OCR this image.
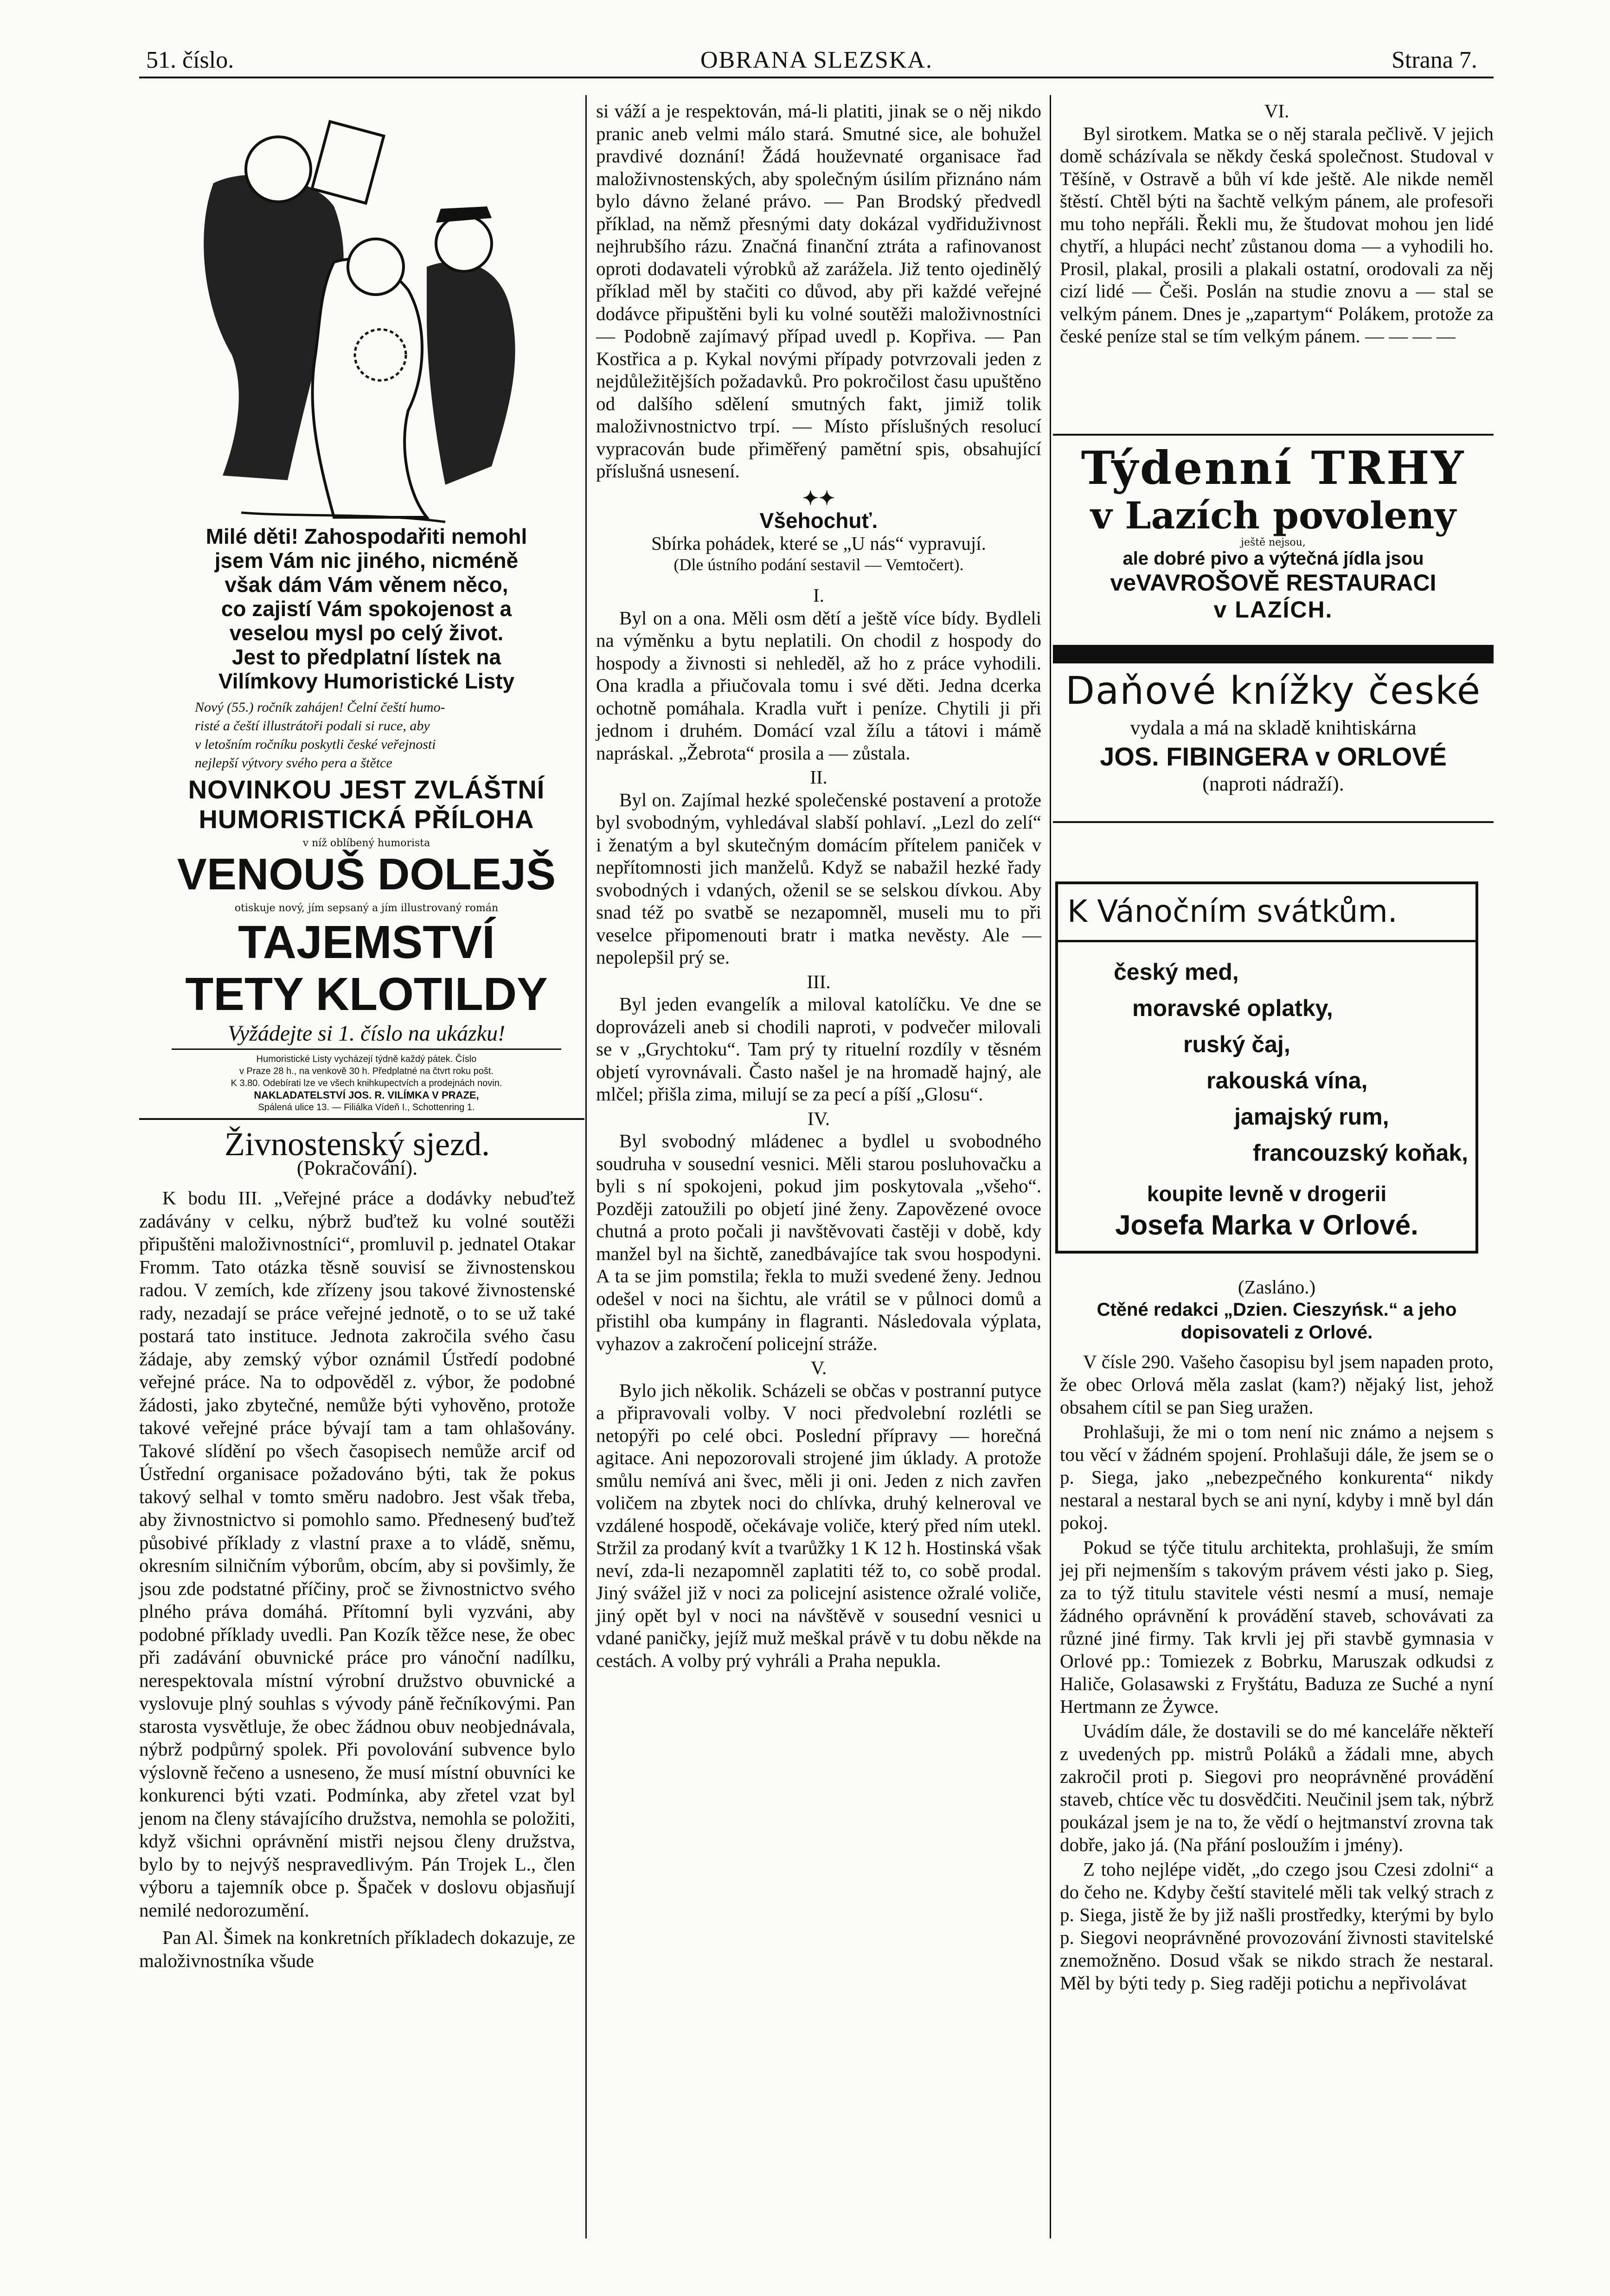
51. číslo.	OBRANA SLEZSKA.	Strana 7.
Milé děti! Zahospodařiti nemohl
jsem Vám nic jiného, nicméně
však dám Vám věnem něco,
co zajistí Vám spokojenost a
veselou mysl po celý život.
Jest to předplatní lístek na
Vilímkovy Humoristické Listy
Nový (55.) ročník zahájen! Čelní čeští humo-
risté a čeští illustrátoři podali si ruce, aby
v letošním ročníku poskytli české veřejnosti
nejlepší výtvory svého pera a štětce
NOVINKOU JEST ZVLÁŠTNÍ
HUMORISTICKÁ PŘÍLOHA
v níž oblíbený humorista
VENOUŠ DOLEJŠ
otiskuje nový, jím sepsaný a jím illustrovaný román
TAJEMSTVÍ
TETY KLOTILDY
Vyžádejte si 1. číslo na ukázku!
Humoristické Listy vycházejí týdně každý pátek. Číslo
v Praze 28 h., na venkově 30 h. Předplatné na čtvrt roku pošt.
K 3.80. Odebírati lze ve všech knihkupectvích a prodejnách novin.
NAKLADATELSTVÍ JOS. R. VILÍMKA V PRAZE,
Spálená ulice 13. — Filiálka Vídeň I., Schottenring 1.
Živnostenský sjezd.
(Pokračování).

K bodu III. „Veřejné práce a dodávky nebuďtež zadávány v celku, nýbrž buďtež ku volné soutěži připuštěni maloživnostníci“, promluvil p. jednatel Otakar Fromm. Tato otázka těsně souvisí se živnostenskou radou. V zemích, kde zřízeny jsou takové živnostenské rady, nezadají se práce veřejné jednotě, o to se už také postará tato instituce. Jednota zakročila svého času žádaje, aby zemský výbor oznámil Ústředí podobné veřejné práce. Na to odpověděl z. výbor, že podobné žádosti, jako zbytečné, nemůže býti vyhověno, protože takové veřejné práce bývají tam a tam ohlašovány. Takové slídění po všech časopisech nemůže arcif od Ústřední organisace požadováno býti, tak že pokus takový selhal v tomto směru nadobro. Jest však třeba, aby živnostnictvo si pomohlo samo. Přednesený buďtež působivé příklady z vlastní praxe a to vládě, sněmu, okresním silničním výborům, obcím, aby si povšimly, že jsou zde podstatné příčiny, proč se živnostnictvo svého plného práva domáhá. Přítomní byli vyzváni, aby podobné příklady uvedli. Pan Kozík těžce nese, že obec při zadávání obuvnické práce pro vánoční nadílku, nerespektovala místní výrobní družstvo obuvnické a vyslovuje plný souhlas s vývody páně řečníkovými. Pan starosta vysvětluje, že obec žádnou obuv neobjednávala, nýbrž podpůrný spolek. Při povolování subvence bylo výslovně řečeno a usneseno, že musí místní obuvníci ke konkurenci býti vzati. Podmínka, aby zřetel vzat byl jenom na členy stávajícího družstva, nemohla se položiti, když všichni oprávnění mistři nejsou členy družstva, bylo by to nejvýš nespravedlivým. Pán Trojek L., člen výboru a tajemník obce p. Špaček v doslovu objasňují nemilé nedorozumění.

Pan Al. Šimek na konkretních příkladech dokazuje, ze maloživnostníka všude

si váží a je respektován, má-li platiti, jinak se o něj nikdo pranic aneb velmi málo stará. Smutné sice, ale bohužel pravdivé doznání! Žádá houževnaté organisace řad maloživnostenských, aby společným úsilím přiznáno nám bylo dávno želané právo. — Pan Brodský předvedl příklad, na němž přesnými daty dokázal vydřiduživnost nejhrubšího rázu. Značná finanční ztráta a rafinovanost oproti dodavateli výrobků až zarážela. Již tento ojedinělý příklad měl by stačiti co důvod, aby při každé veřejné dodávce připuštěni byli ku volné soutěži maloživnostníci — Podobně zajímavý případ uvedl p. Kopřiva. — Pan Kostřica a p. Kykal novými případy potvrzovali jeden z nejdůležitějších požadavků. Pro pokročilost času upuštěno od dalšího sdělení smutných fakt, jimiž tolik maloživnostnictvo trpí. — Místo příslušných resolucí vypracován bude přiměřený pamětní spis, obsahující příslušná usnesení.

✦✦
Všehochuť.
Sbírka pohádek, které se „U nás“ vypravují.
(Dle ústního podání sestavil — Vemtočert).
I.

Byl on a ona. Měli osm dětí a ještě více bídy. Bydleli na výměnku a bytu neplatili. On chodil z hospody do hospody a živnosti si nehleděl, až ho z práce vyhodili. Ona kradla a přiučovala tomu i své děti. Jedna dcerka ochotně pomáhala. Kradla vuřt i peníze. Chytili ji při jednom i druhém. Domácí vzal žílu a tátovi i mámě napráskal. „Žebrota“ prosila a — zůstala.

II.

Byl on. Zajímal hezké společenské postavení a protože byl svobodným, vyhledával slabší pohlaví. „Lezl do zelí“ i ženatým a byl skutečným domácím přítelem paniček v nepřítomnosti jich manželů. Když se nabažil hezké řady svobodných i vdaných, oženil se se selskou dívkou. Aby snad též po svatbě se nezapomněl, museli mu to při veselce připomenouti bratr i matka nevěsty. Ale — nepolepšil prý se.

III.

Byl jeden evangelík a miloval katolíčku. Ve dne se doprovázeli aneb si chodili naproti, v podvečer milovali se v „Grychtoku“. Tam prý ty rituelní rozdíly v těsném objetí vyrovnávali. Často našel je na hromadě hajný, ale mlčel; přišla zima, milují se za pecí a píší „Glosu“.

IV.

Byl svobodný mládenec a bydlel u svobodného soudruha v sousední vesnici. Měli starou posluhovačku a byli s ní spokojeni, pokud jim poskytovala „všeho“. Později zatoužili po objetí jiné ženy. Zapovězené ovoce chutná a proto počali ji navštěvovati častěji v době, kdy manžel byl na šichtě, zanedbávajíce tak svou hospodyni. A ta se jim pomstila; řekla to muži svedené ženy. Jednou odešel v noci na šichtu, ale vrátil se v půlnoci domů a přistihl oba kumpány in flagranti. Následovala výplata, vyhazov a zakročení policejní stráže.

V.

Bylo jich několik. Scházeli se občas v postranní putyce a připravovali volby. V noci předvolební rozlétli se netopýři po celé obci. Poslední přípravy — horečná agitace. Ani nepozorovali strojené jim úklady. A protože smůlu nemívá ani švec, měli ji oni. Jeden z nich zavřen voličem na zbytek noci do chlívka, druhý kelneroval ve vzdálené hospodě, očekávaje voliče, který před ním utekl. Stržil za prodaný kvít a tvarůžky 1 K 12 h. Hostinská však neví, zda-li nezapomněl zaplatiti též to, co sobě prodal. Jiný svážel již v noci za policejní asistence ožralé voliče, jiný opět byl v noci na návštěvě v sousední vesnici u vdané paničky, jejíž muž meškal právě v tu dobu někde na cestách. A volby prý vyhráli a Praha nepukla.

VI.

Byl sirotkem. Matka se o něj starala pečlivě. V jejich domě scházívala se někdy česká společnost. Studoval v Těšíně, v Ostravě a bůh ví kde ještě. Ale nikde neměl štěstí. Chtěl býti na šachtě velkým pánem, ale profesoři mu toho nepřáli. Řekli mu, že študovat mohou jen lidé chytří, a hlupáci nechť zůstanou doma — a vyhodili ho. Prosil, plakal, prosili a plakali ostatní, orodovali za něj cizí lidé — Češi. Poslán na studie znovu a — stal se velkým pánem. Dnes je „zapartym“ Polákem, protože za české peníze stal se tím velkým pánem. — — — —

Týdenní TRHY
v Lazích povoleny
ještě nejsou,
ale dobré pivo a výtečná jídla jsou
veVAVROŠOVĚ RESTAURACI
v LAZÍCH.
Daňové knížky české
vydala a má na skladě knihtiskárna
JOS. FIBINGERA v ORLOVÉ
(naproti nádraží).
K Vánočním svátkům.
český med,
moravské oplatky,
ruský čaj,
rakouská vína,
jamajský rum,
francouzský koňak,
koupite levně v drogerii
Josefa Marka v Orlové.
(Zasláno.)
Ctěné redakci „Dzien. Cieszyńsk.“ a jeho dopisovateli z Orlové.

V čísle 290. Vašeho časopisu byl jsem napaden proto, že obec Orlová měla zaslat (kam?) nějaký list, jehož obsahem cítil se pan Sieg uražen.

Prohlašuji, že mi o tom není nic známo a nejsem s tou věcí v žádném spojení. Prohlašuji dále, že jsem se o p. Siega, jako „nebezpečného konkurenta“ nikdy nestaral a nestaral bych se ani nyní, kdyby i mně byl dán pokoj.

Pokud se týče titulu architekta, prohlašuji, že smím jej při nejmenším s takovým právem vésti jako p. Sieg, za to týž titulu stavitele vésti nesmí a musí, nemaje žádného oprávnění k provádění staveb, schovávati za různé jiné firmy. Tak krvli jej při stavbě gymnasia v Orlové pp.: Tomiezek z Bobrku, Maruszak odkudsi z Haliče, Golasawski z Fryštátu, Baduza ze Suché a nyní Hertmann ze Żywce.

Uvádím dále, že dostavili se do mé kanceláře někteří z uvedených pp. mistrů Poláků a žádali mne, abych zakročil proti p. Siegovi pro neoprávněné provádění staveb, chtíce věc tu dosvědčiti. Neučinil jsem tak, nýbrž poukázal jsem je na to, že vědí o hejtmanství zrovna tak dobře, jako já. (Na přání posloužím i jmény).

Z toho nejlépe vidět, „do czego jsou Czesi zdolni“ a do čeho ne. Kdyby čeští stavitelé měli tak velký strach z p. Siega, jistě že by již našli prostředky, kterými by bylo p. Siegovi neoprávněné provozování živnosti stavitelské znemožněno. Dosud však se nikdo strach že nestaral. Měl by býti tedy p. Sieg raději potichu a nepřivolávat
